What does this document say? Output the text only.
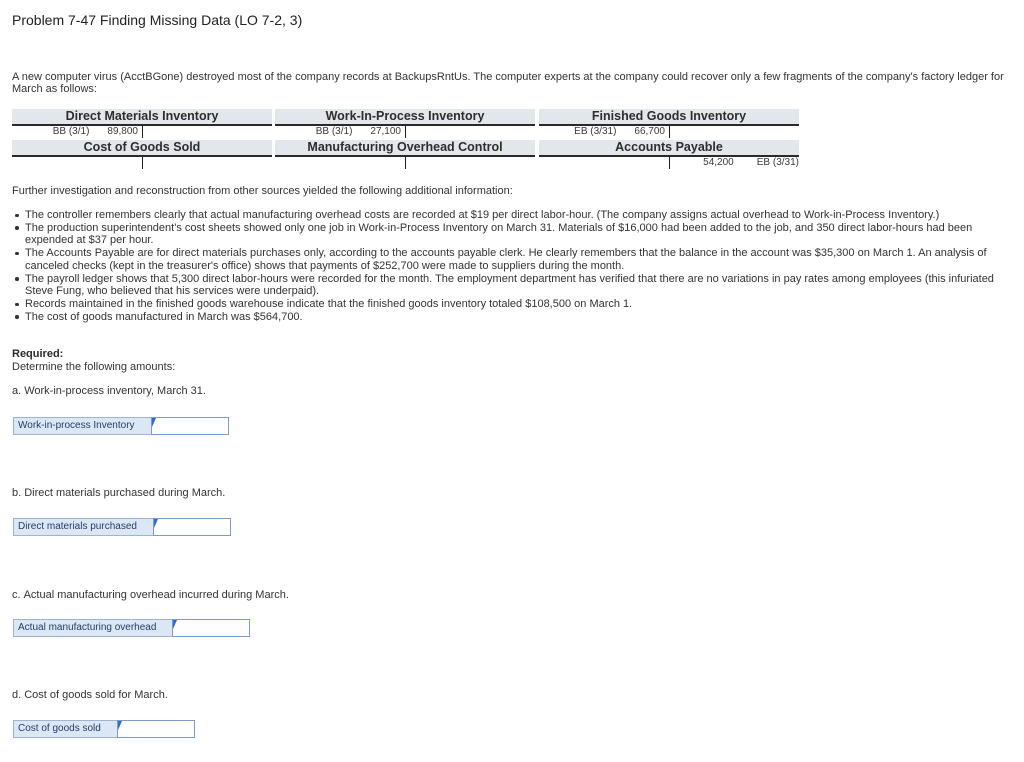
Problem 7-47 Finding Missing Data (LO 7-2, 3)
A new computer virus (AcctBGone) destroyed most of the company records at BackupsRntUs. The computer experts at the company could recover only a few fragments of the company's factory ledger for March as follows:
Direct Materials Inventory
BB (3/1) 89,800
Work-In-Process Inventory
BB (3/1) 27,100
Finished Goods Inventory
EB (3/31) 66,700
Cost of Goods Sold	Manufacturing Overhead Control	Accounts Payable
54,200 EB (3/31)
Further investigation and reconstruction from other sources yielded the following additional information:
The controller remembers clearly that actual manufacturing overhead costs are recorded at $19 per direct labor-hour. (The company assigns actual overhead to Work-in-Process Inventory.)
The production superintendent's cost sheets showed only one job in Work-in-Process Inventory on March 31. Materials of $16,000 had been added to the job, and 350 direct labor-hours had been expended at $37 per hour.
The Accounts Payable are for direct materials purchases only, according to the accounts payable clerk. He clearly remembers that the balance in the account was $35,300 on March 1. An analysis of canceled checks (kept in the treasurer's office) shows that payments of $252,700 were made to suppliers during the month.
The payroll ledger shows that 5,300 direct labor-hours were recorded for the month. The employment department has verified that there are no variations in pay rates among employees (this infuriated Steve Fung, who believed that his services were underpaid).
Records maintained in the finished goods warehouse indicate that the finished goods inventory totaled $108,500 on March 1.
The cost of goods manufactured in March was $564,700.
Required:
Determine the following amounts:
a. Work-in-process inventory, March 31.
Work-in-process Inventory
b. Direct materials purchased during March.
Direct materials purchased
c. Actual manufacturing overhead incurred during March.
Actual manufacturing overhead
d. Cost of goods sold for March.
Cost of goods sold
